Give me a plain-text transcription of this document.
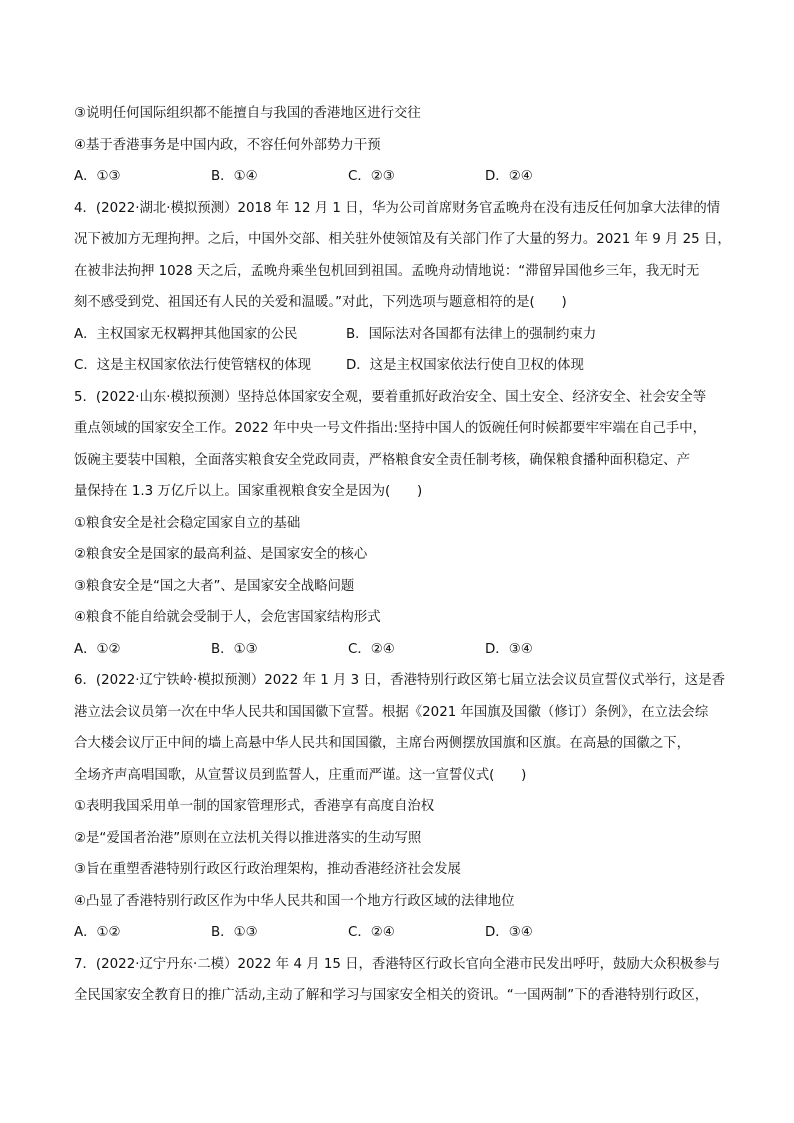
③说明任何国际组织都不能擅自与我国的香港地区进行交往
④基于香港事务是中国内政，不容任何外部势力干预
A．①③	B．①④	C．②③	D．②④
4．(2022·湖北·模拟预测）2018 年 12 月 1 日，华为公司首席财务官孟晚舟在没有违反任何加拿大法律的情
况下被加方无理拘押。之后，中国外交部、相关驻外使领馆及有关部门作了大量的努力。2021 年 9 月 25 日，
在被非法拘押 1028 天之后，孟晚舟乘坐包机回到祖国。孟晚舟动情地说：“滞留异国他乡三年，我无时无
刻不感受到党、祖国还有人民的关爱和温暖。”对此，下列选项与题意相符的是(　　)
A．主权国家无权羁押其他国家的公民	B．国际法对各国都有法律上的强制约束力
C．这是主权国家依法行使管辖权的体现	D．这是主权国家依法行使自卫权的体现
5．(2022·山东·模拟预测）坚持总体国家安全观，要着重抓好政治安全、国土安全、经济安全、社会安全等
重点领域的国家安全工作。2022 年中央一号文件指出:坚持中国人的饭碗任何时候都要牢牢端在自己手中，
饭碗主要装中国粮，全面落实粮食安全党政同责，严格粮食安全责任制考核，确保粮食播种面积稳定、产
量保持在 1.3 万亿斤以上。国家重视粮食安全是因为(　　)
①粮食安全是社会稳定国家自立的基础
②粮食安全是国家的最高利益、是国家安全的核心
③粮食安全是“国之大者”、是国家安全战略问题
④粮食不能自给就会受制于人，会危害国家结构形式
A．①②	B．①③	C．②④	D．③④
6．(2022·辽宁铁岭·模拟预测）2022 年 1 月 3 日，香港特别行政区第七届立法会议员宣誓仪式举行，这是香
港立法会议员第一次在中华人民共和国国徽下宣誓。根据《2021 年国旗及国徽（修订）条例》，在立法会综
合大楼会议厅正中间的墙上高悬中华人民共和国国徽，主席台两侧摆放国旗和区旗。在高悬的国徽之下，
全场齐声高唱国歌，从宣誓议员到监誓人，庄重而严谨。这一宣誓仪式(　　)
①表明我国采用单一制的国家管理形式，香港享有高度自治权
②是“爱国者治港”原则在立法机关得以推进落实的生动写照
③旨在重塑香港特别行政区行政治理架构，推动香港经济社会发展
④凸显了香港特别行政区作为中华人民共和国一个地方行政区域的法律地位
A．①②	B．①③	C．②④	D．③④
7．(2022·辽宁丹东·二模）2022 年 4 月 15 日，香港特区行政长官向全港市民发出呼吁，鼓励大众积极参与
全民国家安全教育日的推广活动,主动了解和学习与国家安全相关的资讯。“一国两制”下的香港特别行政区，
